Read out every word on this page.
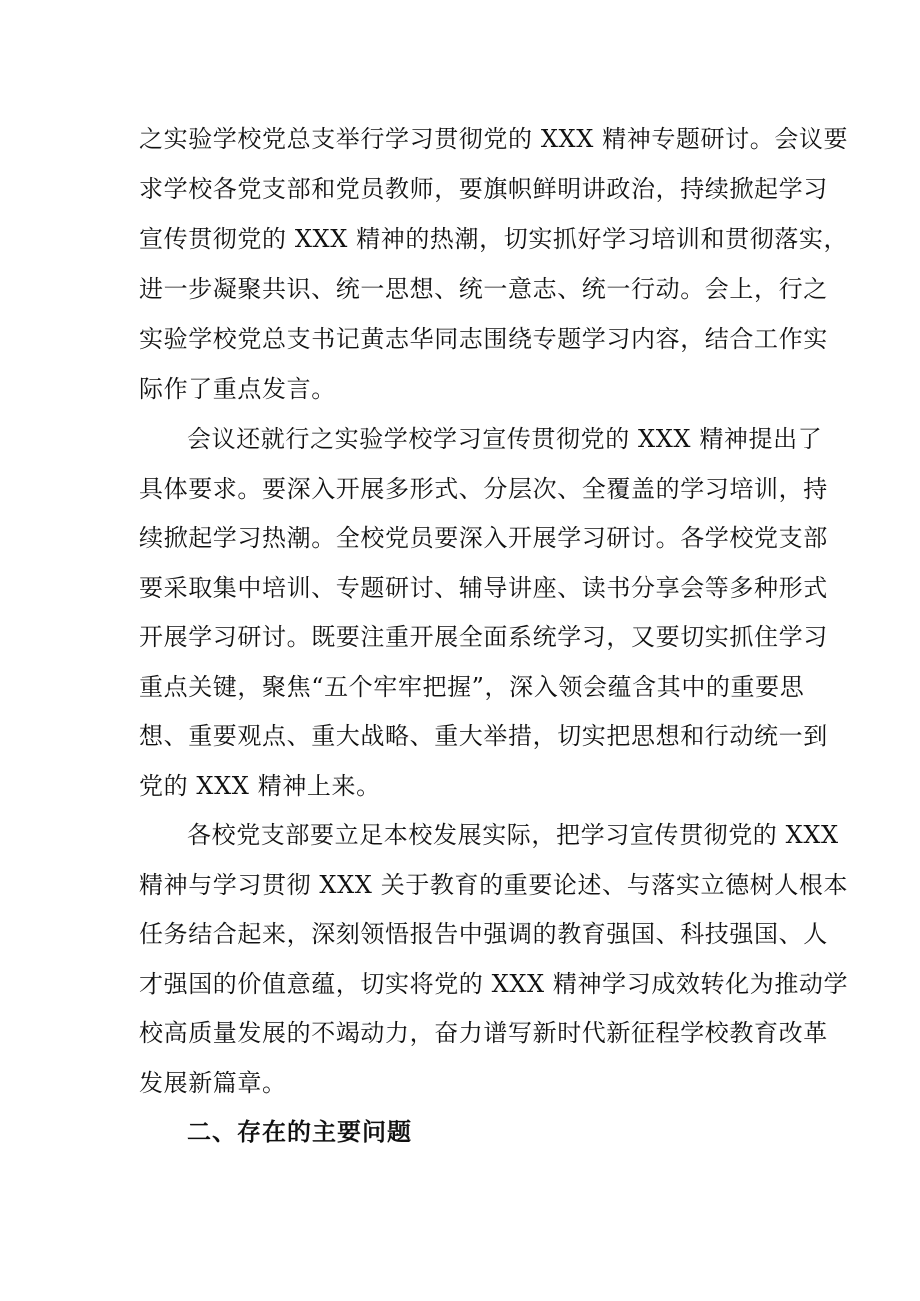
之实验学校党总支举行学习贯彻党的 XXX 精神专题研讨。会议要
求学校各党支部和党员教师，要旗帜鲜明讲政治，持续掀起学习
宣传贯彻党的 XXX 精神的热潮，切实抓好学习培训和贯彻落实，
进一步凝聚共识、统一思想、统一意志、统一行动。会上，行之
实验学校党总支书记黄志华同志围绕专题学习内容，结合工作实
际作了重点发言。
会议还就行之实验学校学习宣传贯彻党的 XXX 精神提出了
具体要求。要深入开展多形式、分层次、全覆盖的学习培训，持
续掀起学习热潮。全校党员要深入开展学习研讨。各学校党支部
要采取集中培训、专题研讨、辅导讲座、读书分享会等多种形式
开展学习研讨。既要注重开展全面系统学习，又要切实抓住学习
重点关键，聚焦“五个牢牢把握”，深入领会蕴含其中的重要思
想、重要观点、重大战略、重大举措，切实把思想和行动统一到
党的 XXX 精神上来。
各校党支部要立足本校发展实际，把学习宣传贯彻党的 XXX
精神与学习贯彻 XXX 关于教育的重要论述、与落实立德树人根本
任务结合起来，深刻领悟报告中强调的教育强国、科技强国、人
才强国的价值意蕴，切实将党的 XXX 精神学习成效转化为推动学
校高质量发展的不竭动力，奋力谱写新时代新征程学校教育改革
发展新篇章。
二、存在的主要问题
